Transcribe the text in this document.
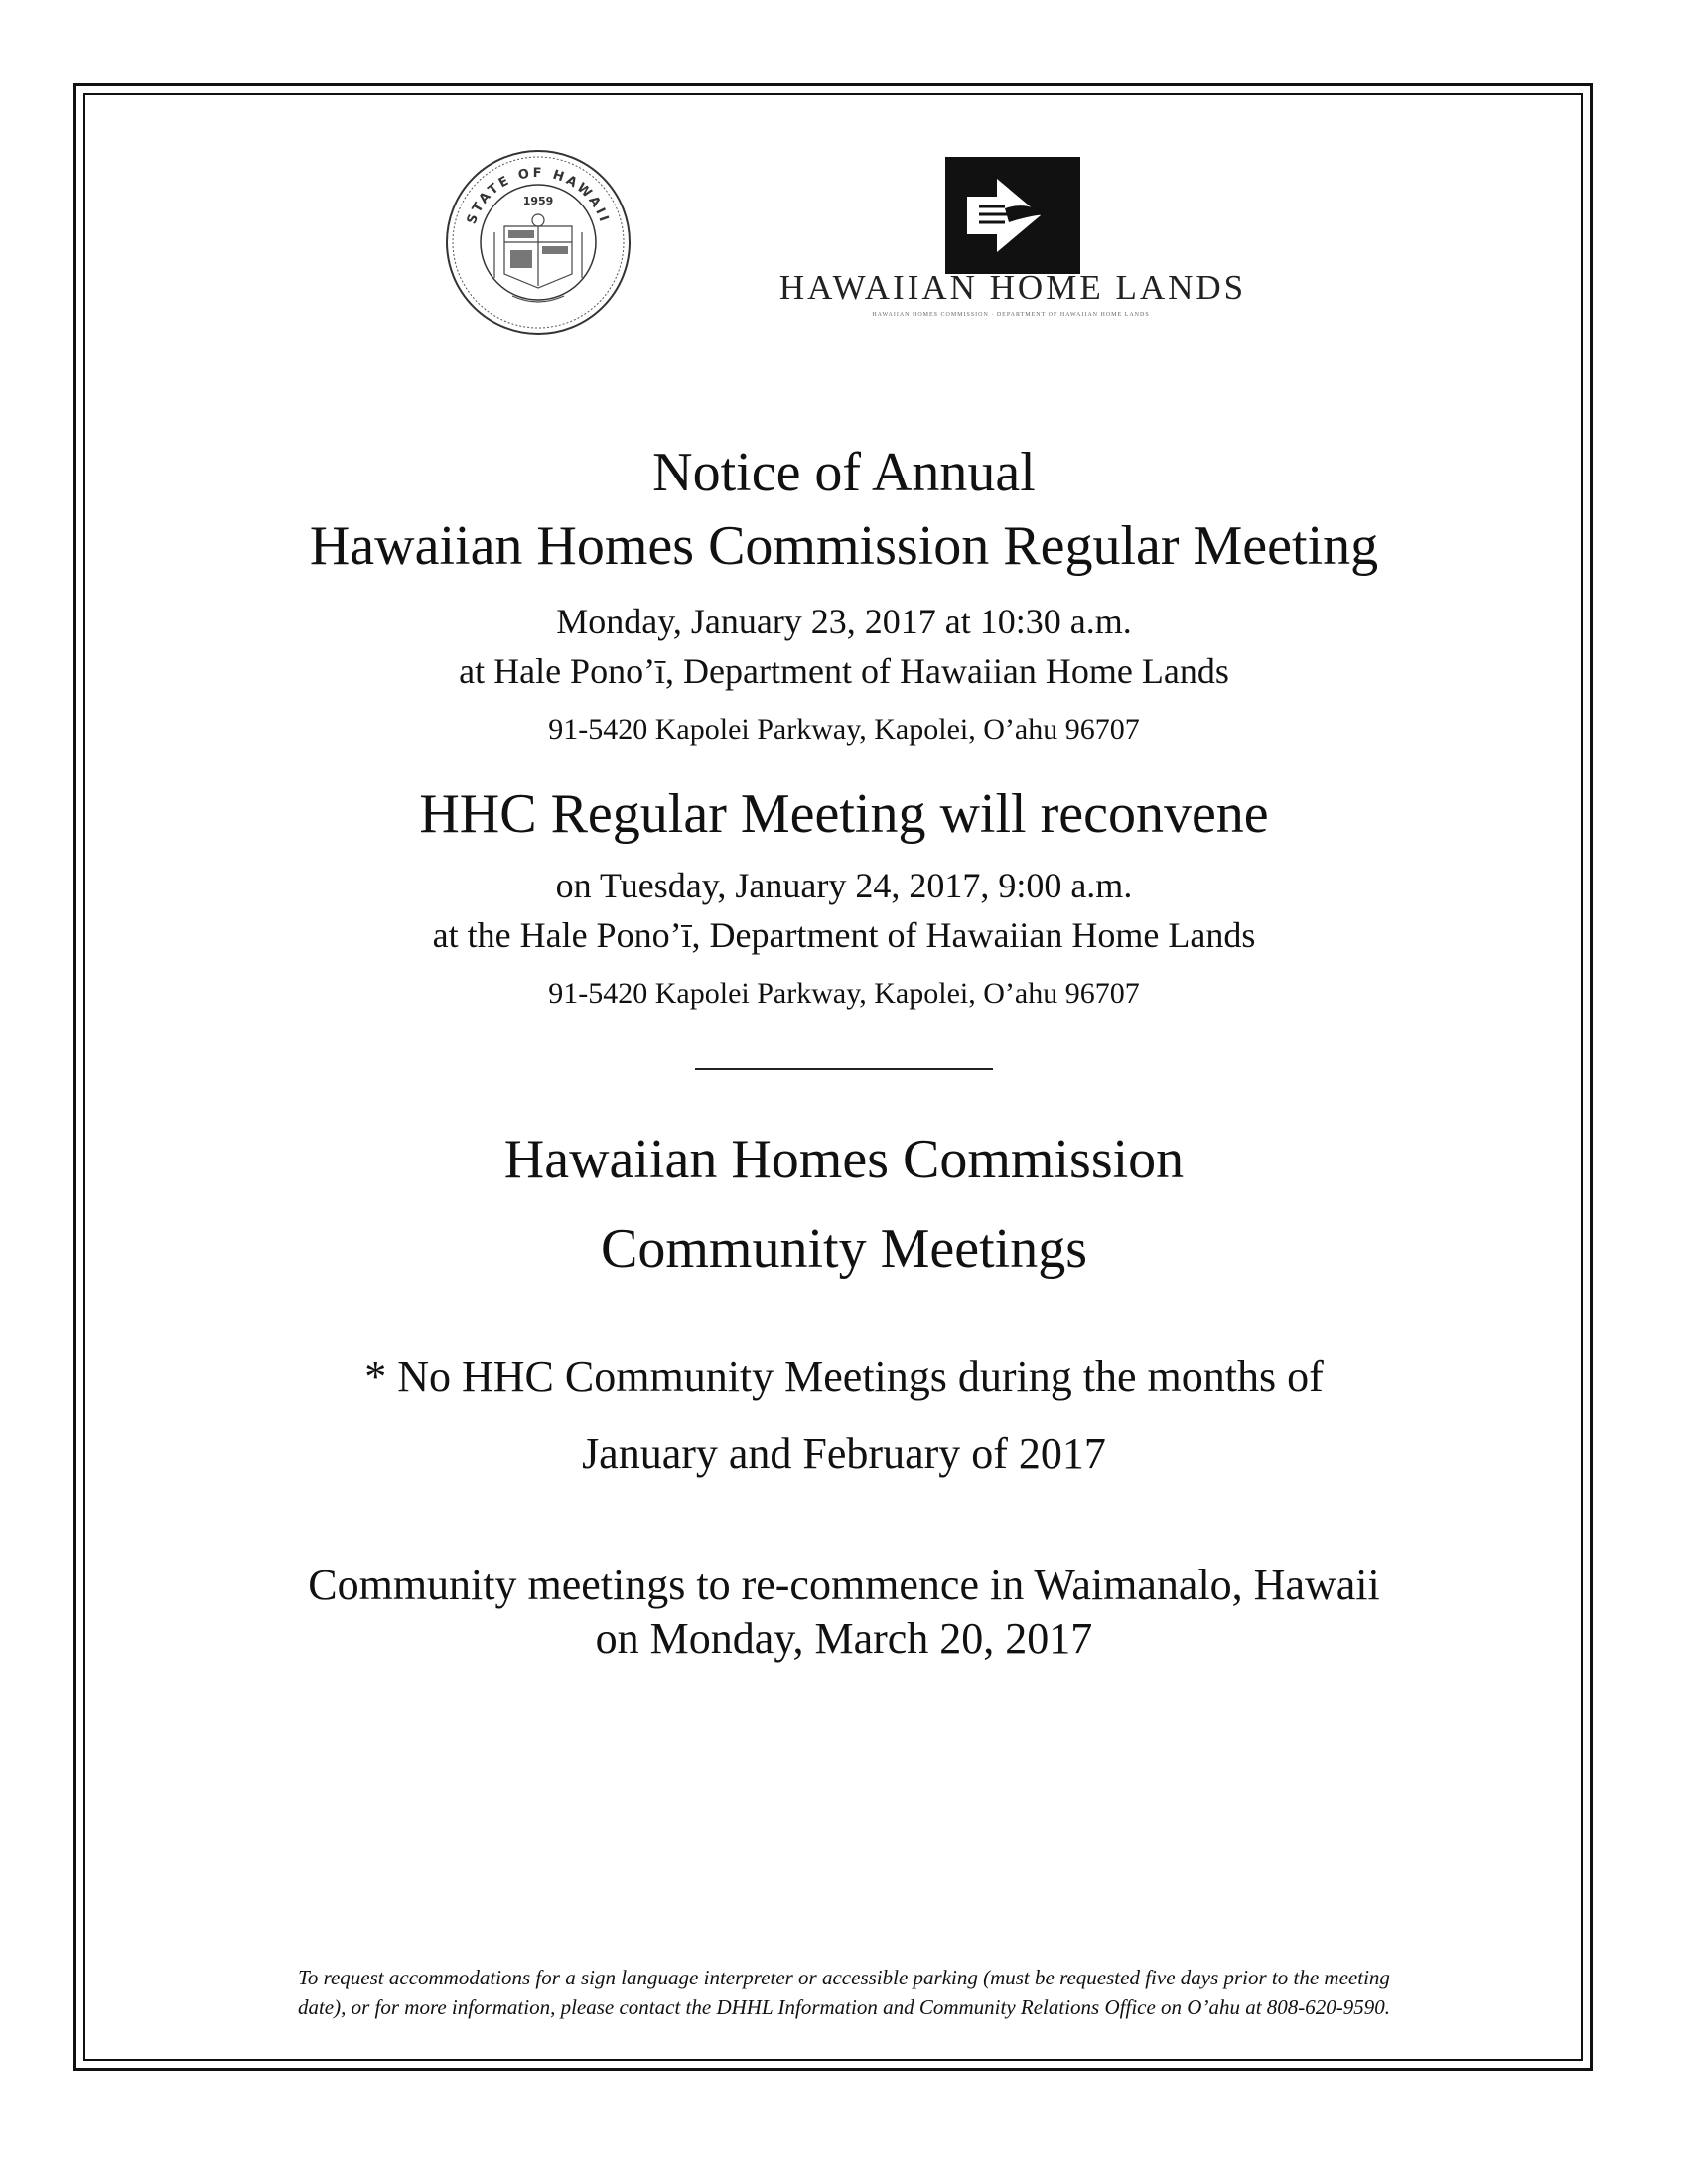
STATE OF HAWAII
1959
HAWAIIAN HOME LANDS
HAWAIIAN HOMES COMMISSION · DEPARTMENT OF HAWAIIAN HOME LANDS
Notice of Annual
Hawaiian Homes Commission Regular Meeting
Monday, January 23, 2017 at 10:30 a.m.
at Hale Pono’ī, Department of Hawaiian Home Lands
91-5420 Kapolei Parkway, Kapolei, O’ahu 96707
HHC Regular Meeting will reconvene
on Tuesday, January 24, 2017, 9:00 a.m.
at the Hale Pono’ī, Department of Hawaiian Home Lands
91-5420 Kapolei Parkway, Kapolei, O’ahu 96707
Hawaiian Homes Commission
Community Meetings
* No HHC Community Meetings during the months of
January and February of 2017
Community meetings to re-commence in Waimanalo, Hawaii
on Monday, March 20, 2017
To request accommodations for a sign language interpreter or accessible parking (must be requested five days prior to the meeting
date), or for more information, please contact the DHHL Information and Community Relations Office on O’ahu at 808-620-9590.
